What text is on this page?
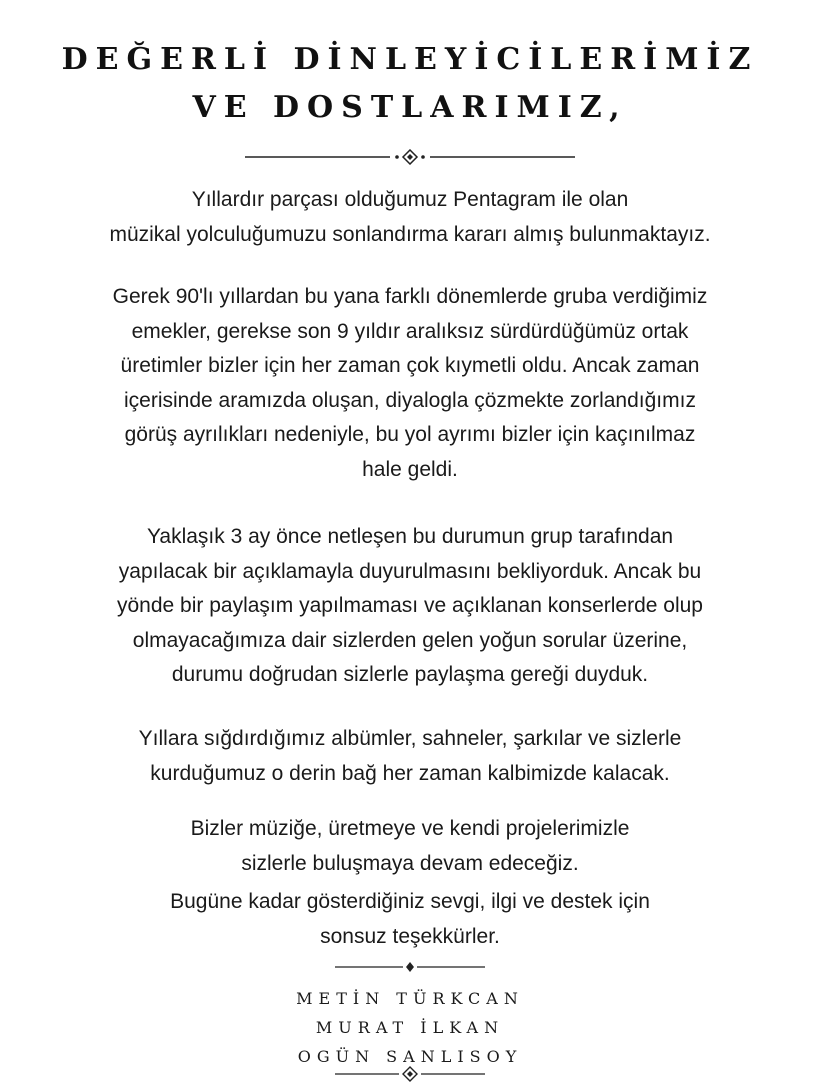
DEĞERLİ DİNLEYİCİLERİMİZ
VE DOSTLARIMIZ,
Yıllardır parçası olduğumuz Pentagram ile olan
müzikal yolculuğumuzu sonlandırma kararı almış bulunmaktayız.
Gerek 90'lı yıllardan bu yana farklı dönemlerde gruba verdiğimiz
emekler, gerekse son 9 yıldır aralıksız sürdürdüğümüz ortak
üretimler bizler için her zaman çok kıymetli oldu. Ancak zaman
içerisinde aramızda oluşan, diyalogla çözmekte zorlandığımız
görüş ayrılıkları nedeniyle, bu yol ayrımı bizler için kaçınılmaz
hale geldi.
Yaklaşık 3 ay önce netleşen bu durumun grup tarafından
yapılacak bir açıklamayla duyurulmasını bekliyorduk. Ancak bu
yönde bir paylaşım yapılmaması ve açıklanan konserlerde olup
olmayacağımıza dair sizlerden gelen yoğun sorular üzerine,
durumu doğrudan sizlerle paylaşma gereği duyduk.
Yıllara sığdırdığımız albümler, sahneler, şarkılar ve sizlerle
kurduğumuz o derin bağ her zaman kalbimizde kalacak.
Bizler müziğe, üretmeye ve kendi projelerimizle
sizlerle buluşmaya devam edeceğiz.
Bugüne kadar gösterdiğiniz sevgi, ilgi ve destek için
sonsuz teşekkürler.
METİN TÜRKCAN
MURAT İLKAN
OGÜN SANLISOY
